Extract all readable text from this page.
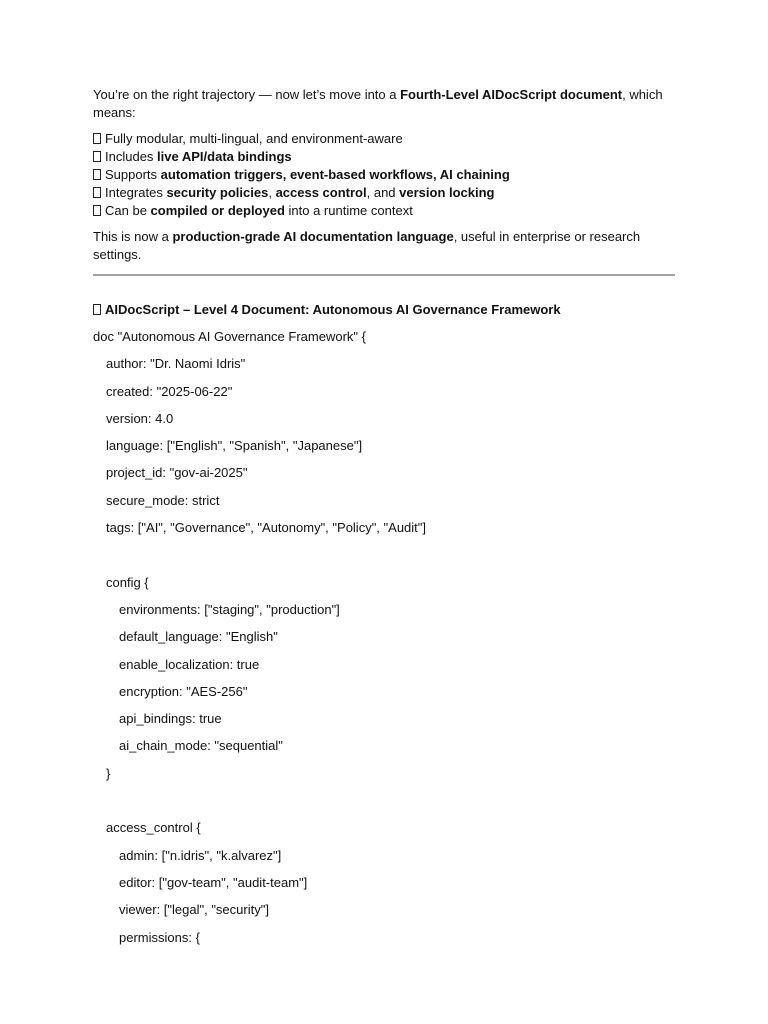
You’re on the right trajectory — now let’s move into a Fourth-Level AIDocScript document, which means:

Fully modular, multi-lingual, and environment-aware
Includes live API/data bindings
Supports automation triggers, event-based workflows, AI chaining
Integrates security policies, access control, and version locking
Can be compiled or deployed into a runtime context

This is now a production-grade AI documentation language, useful in enterprise or research settings.

AIDocScript – Level 4 Document: Autonomous AI Governance Framework
doc "Autonomous AI Governance Framework" {
author: "Dr. Naomi Idris"
created: "2025-06-22"
version: 4.0
language: ["English", "Spanish", "Japanese"]
project_id: "gov-ai-2025"
secure_mode: strict
tags: ["AI", "Governance", "Autonomy", "Policy", "Audit"]
config {
environments: ["staging", "production"]
default_language: "English"
enable_localization: true
encryption: "AES-256"
api_bindings: true
ai_chain_mode: "sequential"
}
access_control {
admin: ["n.idris", "k.alvarez"]
editor: ["gov-team", "audit-team"]
viewer: ["legal", "security"]
permissions: {
